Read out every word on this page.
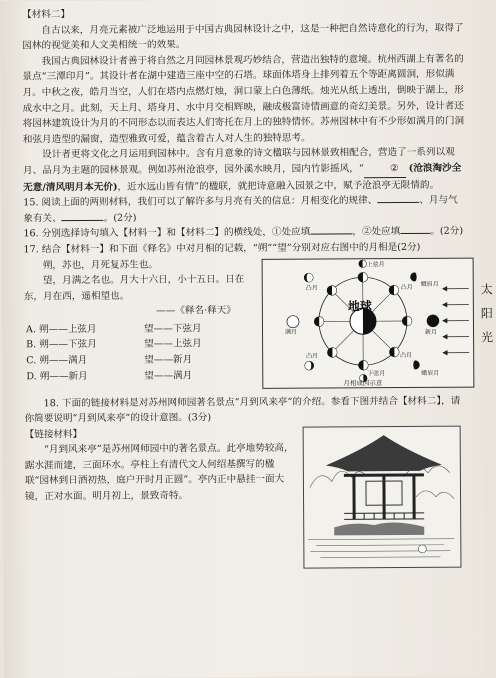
【材料二】

自古以来，月亮元素被广泛地运用于中国古典园林设计之中，这是一种把自然诗意化的行为，取得了园林的视觉美和人文美相统一的效果。

我国古典园林设计者善于将自然之月同园林景观巧妙结合，营造出独特的意境。杭州西湖上有著名的景点“三潭印月”。其设计者在湖中建造三座中空的石塔。球面体塔身上排列着五个等距离圆洞，形似满月。中秋之夜，皓月当空，人们在塔内点燃灯烛，洞口蒙上白色薄纸。烛光从纸上透出，倒映于湖上，形成水中之月。此刻，天上月、塔身月、水中月交相辉映，融成极富诗情画意的奇幻美景。另外，设计者还将园林建筑设计为月的不同形态以而表达人们寄托在月上的独特情怀。苏州园林中有不少形如满月的门洞和弦月造型的漏窗，造型雅致可爱，蕴含着古人对人生的独特思考。

设计者更将文化之月运用到园林中。含有月意象的诗文楹联与园林景致相配合，营造了一系列以观月、品月为主题的园林景观。例如苏州沧浪亭，园外溪水映月，园内竹影摇风，“	② (沧浪淘沙全无意/清风明月本无价)，近水远山皆有情”的楹联，就把诗意融入园景之中，赋予沧浪亭无限情韵。

15. 阅读上面的两则材料，我们可以了解许多与月亮有关的信息：月相变化的规律、	、月与气象有关、	。(2分)

16. 分别选择诗句填入【材料一】和【材料二】的横线处，①处应填	，②处应填	。(2分)

17. 结合【材料一】和下面《释名》中对月相的记载，“朔”“望”分别对应右图中的月相是(2分)

朔，苏也，月死复苏生也。

望，月满之名也。月大十六日，小十五日。日在东，月在西，遥相望也。

——《释名·释天》

A. 朔——上弦月	望——下弦月
B. 朔——下弦月	望——上弦月
C. 朔——满月	望——新月
D. 朔——新月	望——满月
地球
上弦月
凸月
凸月
满月	新月
凸月
凸月
下弦月
蛾眉月
蛾眉月
月相成因示意
太
阳
光

18. 下面的链接材料是对苏州网师园著名景点“月到风来亭”的介绍。参看下图并结合【材料二】，请你简要说明“月到风来亭”的设计意图。(3分)

【链接材料】

“月到风来亭”是苏州网师园中的著名景点。此亭地势较高，踞水涯而建，三面环水。亭柱上有清代文人何绍基撰写的楹联“园林到日酒初热，庭户开时月正圆”。亭内正中悬挂一面大镜，正对水面。明月初上，景致奇特。
